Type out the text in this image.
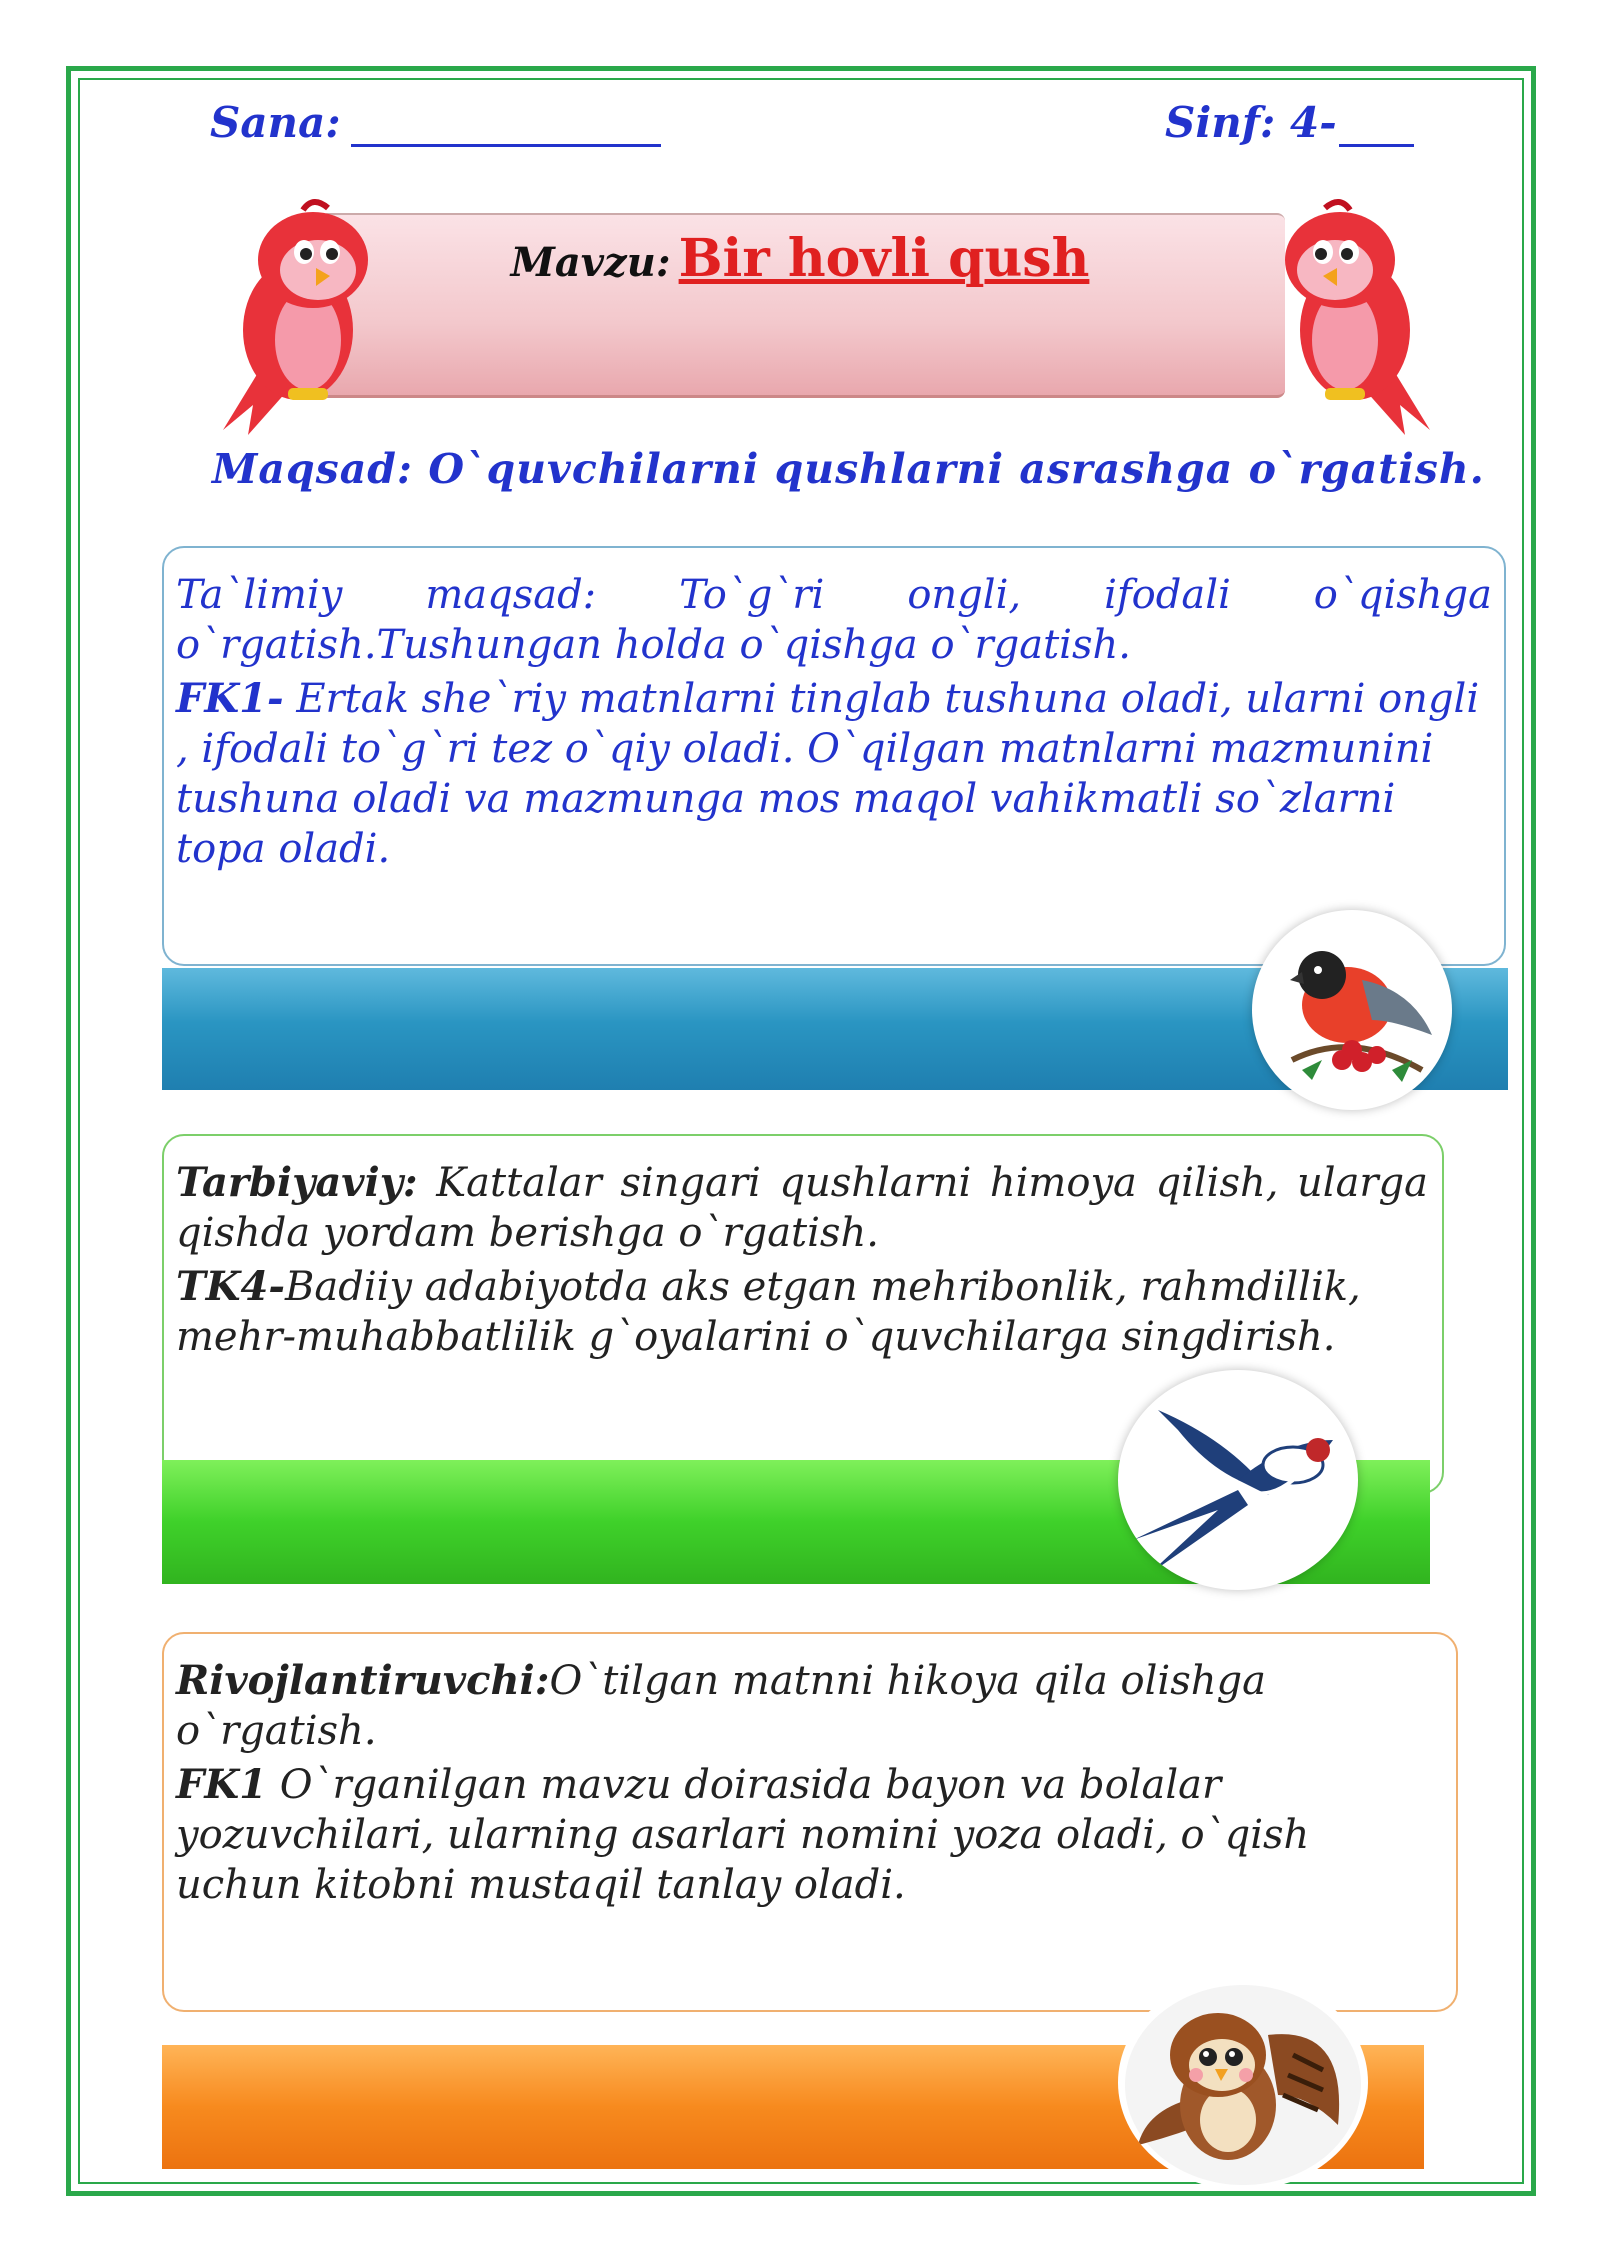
Sana:	Sinf: 4-
Mavzu: Bir hovli qush
Maqsad: O`quvchilarni qushlarni asrashga o`rgatish.

Ta`limiy maqsad: To`g`ri ongli, ifodali o`qishga o`rgatish.Tushungan holda o`qishga o`rgatish.

FK1- Ertak she`riy matnlarni tinglab tushuna oladi, ularni ongli , ifodali to`g`ri tez o`qiy oladi. O`qilgan matnlarni mazmunini tushuna oladi va mazmunga mos maqol vahikmatli so`zlarni topa oladi.

Tarbiyaviy: Kattalar singari qushlarni himoya qilish, ularga qishda yordam berishga o`rgatish.

TK4-Badiiy adabiyotda aks etgan mehribonlik, rahmdillik, mehr-muhabbatlilik g`oyalarini o`quvchilarga singdirish.

Rivojlantiruvchi:O`tilgan matnni hikoya qila olishga o`rgatish.

FK1 O`rganilgan mavzu doirasida bayon va bolalar yozuvchilari, ularning asarlari nomini yoza oladi, o`qish uchun kitobni mustaqil tanlay oladi.
